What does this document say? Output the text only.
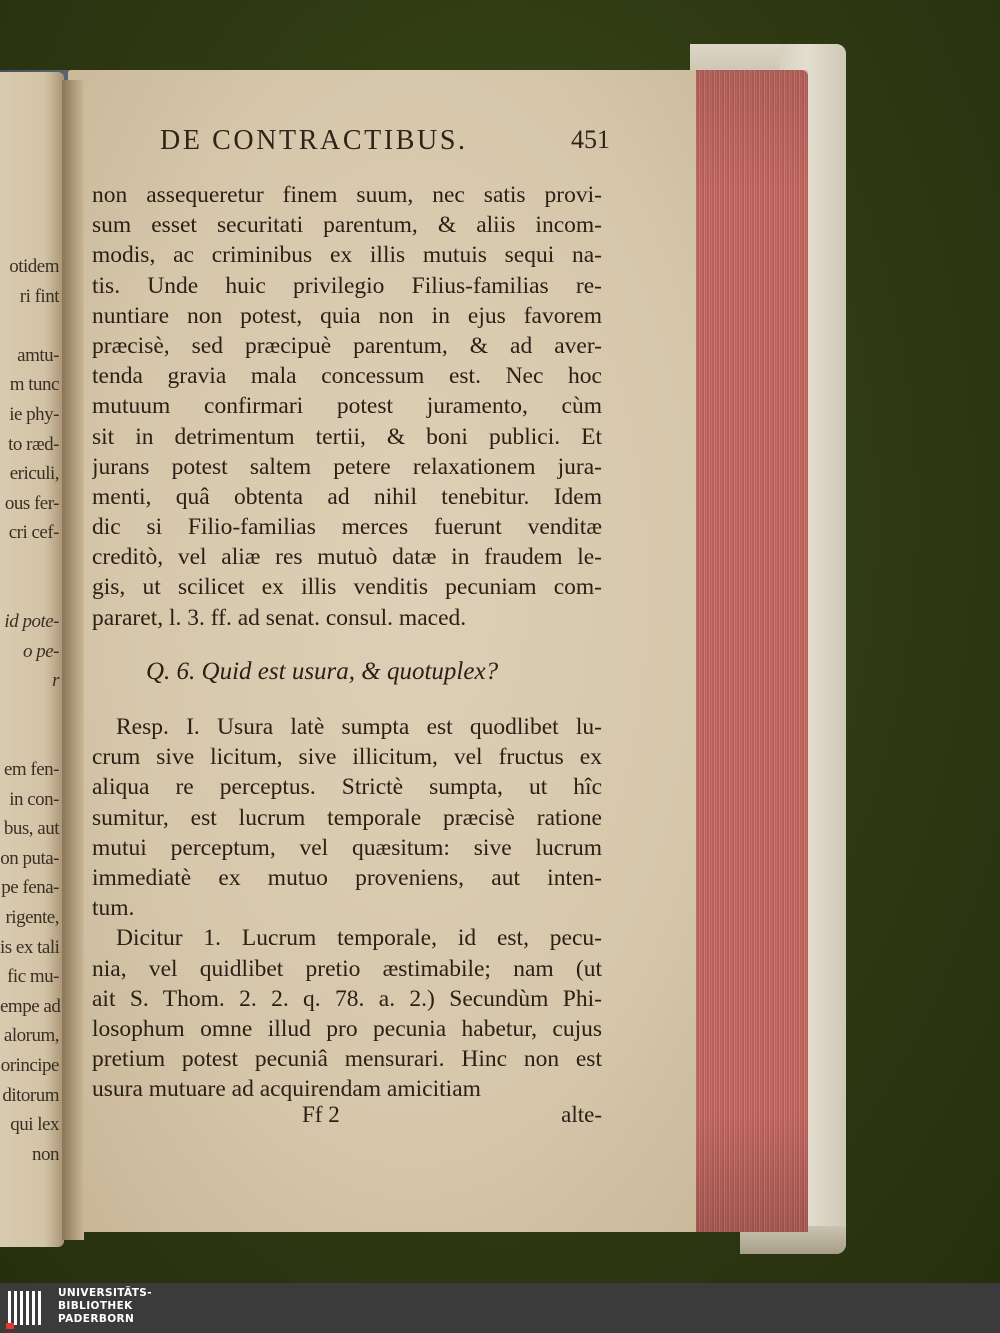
otidem
ri fint
amtu-
m tunc
ie phy-
to ræd-
ericuli,
ous fer-
cri cef-
id pote-
o pe-
r
em fen-
in con-
bus, aut
on puta-
pe fena-
rigente,
is ex tali
fic mu-
empe ad
alorum,
orincipe
ditorum
qui lex
non
DE CONTRACTIBUS.	451
non assequeretur finem suum, nec satis provi-
sum esset securitati parentum, & aliis incom-
modis, ac criminibus ex illis mutuis sequi na-
tis. Unde huic privilegio Filius-familias re-
nuntiare non potest, quia non in ejus favorem
præcisè, sed præcipuè parentum, & ad aver-
tenda gravia mala concessum est. Nec hoc
mutuum confirmari potest juramento, cùm
sit in detrimentum tertii, & boni publici. Et
jurans potest saltem petere relaxationem jura-
menti, quâ obtenta ad nihil tenebitur. Idem
dic si Filio-familias merces fuerunt venditæ
creditò, vel aliæ res mutuò datæ in fraudem le-
gis, ut scilicet ex illis venditis pecuniam com-
pararet, l. 3. ff. ad senat. consul. maced.
Q. 6. Quid est usura, & quotuplex?
Resp. I. Usura latè sumpta est quodlibet lu-
crum sive licitum, sive illicitum, vel fructus ex
aliqua re perceptus. Strictè sumpta, ut hîc
sumitur, est lucrum temporale præcisè ratione
mutui perceptum, vel quæsitum: sive lucrum
immediatè ex mutuo proveniens, aut inten-
tum.
Dicitur 1. Lucrum temporale, id est, pecu-
nia, vel quidlibet pretio æstimabile; nam (ut
ait S. Thom. 2. 2. q. 78. a. 2.) Secundùm Phi-
losophum omne illud pro pecunia habetur, cujus
pretium potest pecuniâ mensurari. Hinc non est
usura mutuare ad acquirendam amicitiam
Ff 2	alte-
UNIVERSITÄTS-
BIBLIOTHEK
PADERBORN
